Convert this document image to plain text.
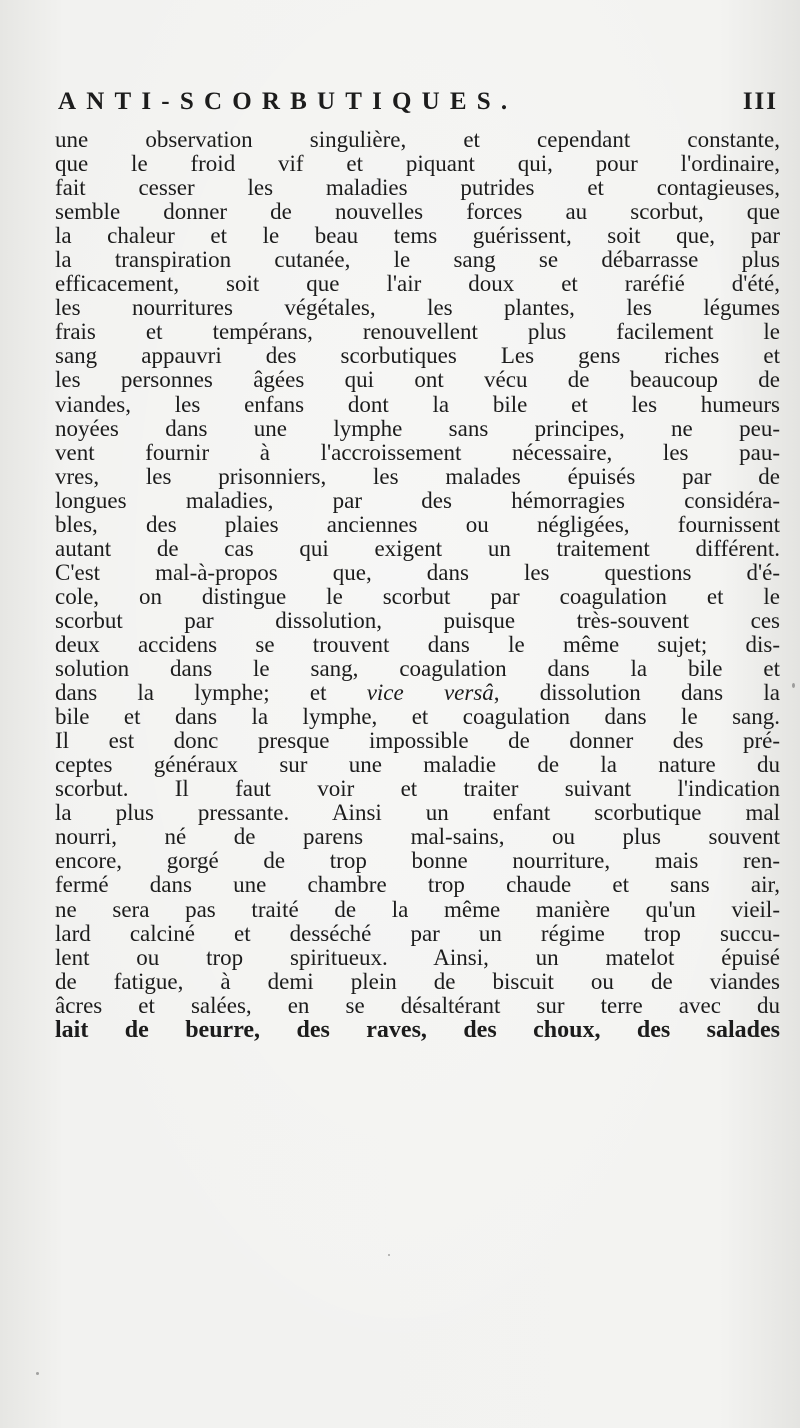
ANTI-SCORBUTIQUES.	III
une observation singulière, et cependant constante,
que le froid vif et piquant qui, pour l'ordinaire,
fait cesser les maladies putrides et contagieuses,
semble donner de nouvelles forces au scorbut, que
la chaleur et le beau tems guérissent, soit que, par
la transpiration cutanée, le sang se débarrasse plus
efficacement, soit que l'air doux et raréfié d'été,
les nourritures végétales, les plantes, les légumes
frais et tempérans, renouvellent plus facilement le
sang appauvri des scorbutiques Les gens riches et
les personnes âgées qui ont vécu de beaucoup de
viandes, les enfans dont la bile et les humeurs
noyées dans une lymphe sans principes, ne peu-
vent fournir à l'accroissement nécessaire, les pau-
vres, les prisonniers, les malades épuisés par de
longues maladies, par des hémorragies considéra-
bles, des plaies anciennes ou négligées, fournissent
autant de cas qui exigent un traitement différent.
C'est mal-à-propos que, dans les questions d'é-
cole, on distingue le scorbut par coagulation et le
scorbut par dissolution, puisque très-souvent ces
deux accidens se trouvent dans le même sujet; dis-
solution dans le sang, coagulation dans la bile et
dans la lymphe; et vice versâ, dissolution dans la
bile et dans la lymphe, et coagulation dans le sang.
Il est donc presque impossible de donner des pré-
ceptes généraux sur une maladie de la nature du
scorbut. Il faut voir et traiter suivant l'indication
la plus pressante. Ainsi un enfant scorbutique mal
nourri, né de parens mal-sains, ou plus souvent
encore, gorgé de trop bonne nourriture, mais ren-
fermé dans une chambre trop chaude et sans air,
ne sera pas traité de la même manière qu'un vieil-
lard calciné et desséché par un régime trop succu-
lent ou trop spiritueux. Ainsi, un matelot épuisé
de fatigue, à demi plein de biscuit ou de viandes
âcres et salées, en se désaltérant sur terre avec du
lait de beurre, des raves, des choux, des salades
